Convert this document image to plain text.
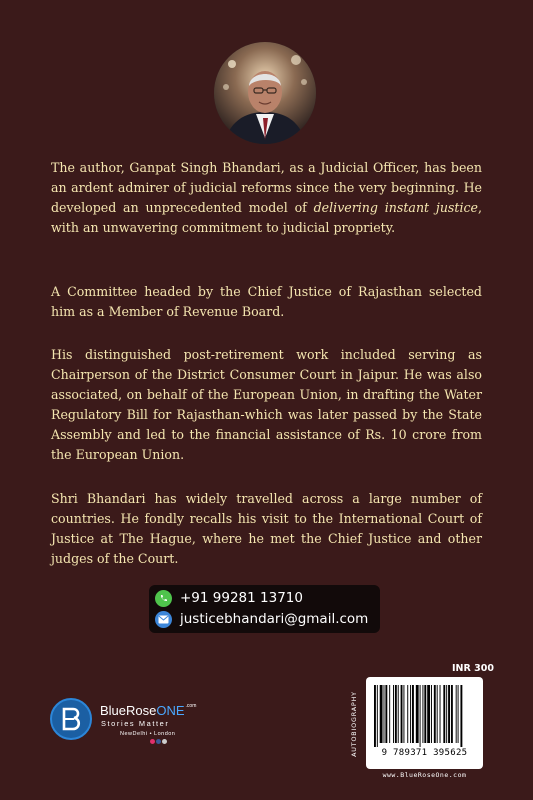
The author, Ganpat Singh Bhandari, as a Judicial Officer, has been an ardent admirer of judicial reforms since the very beginning. He developed an unprecedented model of delivering instant justice, with an unwavering commitment to judicial propriety.

A Committee headed by the Chief Justice of Rajasthan selected him as a Member of Revenue Board.

His distinguished post-retirement work included serving as Chairperson of the District Consumer Court in Jaipur. He was also associated, on behalf of the European Union, in drafting the Water Regulatory Bill for Rajasthan-which was later passed by the State Assembly and led to the financial assistance of Rs. 10 crore from the European Union.

Shri Bhandari has widely travelled across a large number of countries. He fondly recalls his visit to the International Court of Justice at The Hague, where he met the Chief Justice and other judges of the Court.

+91 99281 13710
justicebhandari@gmail.com
BlueRoseONE$^{.com}$
Stories Matter
NewDelhi • London
INR 300
AUTOBIOGRAPHY	9 789371 395625
www.BlueRoseOne.com
